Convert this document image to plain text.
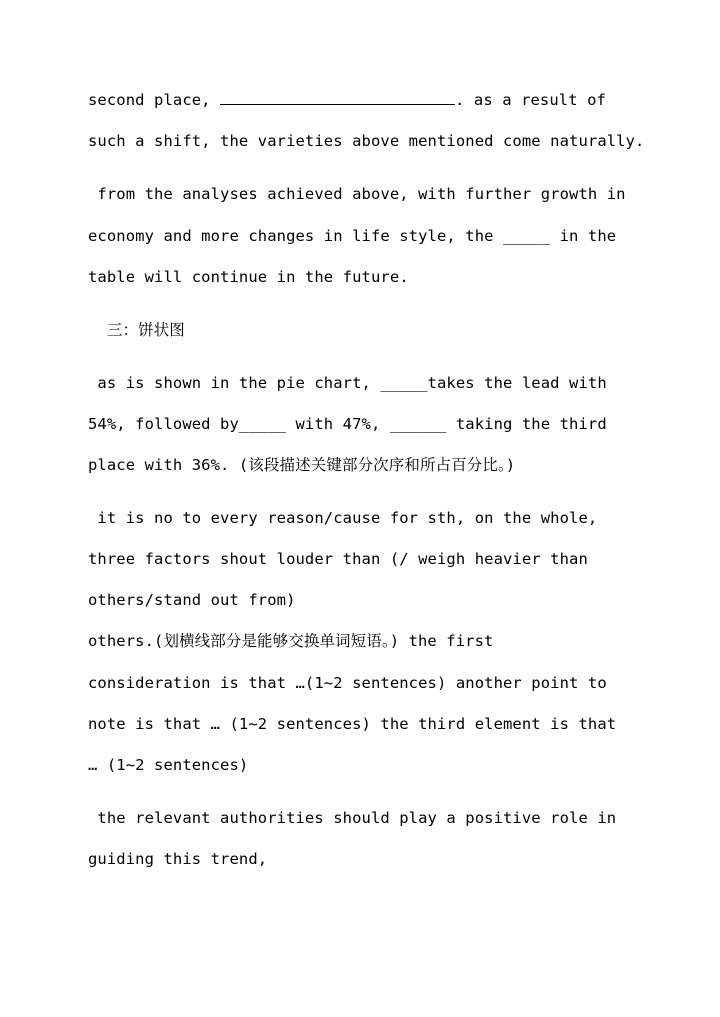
second place,	. as a result of
such a shift, the varieties above mentioned come naturally.
from the analyses achieved above, with further growth in
economy and more changes in life style, the _____ in the
table will continue in the future.
三：饼状图
as is shown in the pie chart, _____takes the lead with
54%, followed by_____ with 47%, ______ taking the third
place with 36%. (该段描述关键部分次序和所占百分比。)
it is no to every reason/cause for sth, on the whole,
three factors shout louder than (/ weigh heavier than
others/stand out from)
others.(划横线部分是能够交换单词短语。) the first
consideration is that …(1~2 sentences) another point to
note is that … (1~2 sentences) the third element is that
… (1~2 sentences)
the relevant authorities should play a positive role in
guiding this trend,
